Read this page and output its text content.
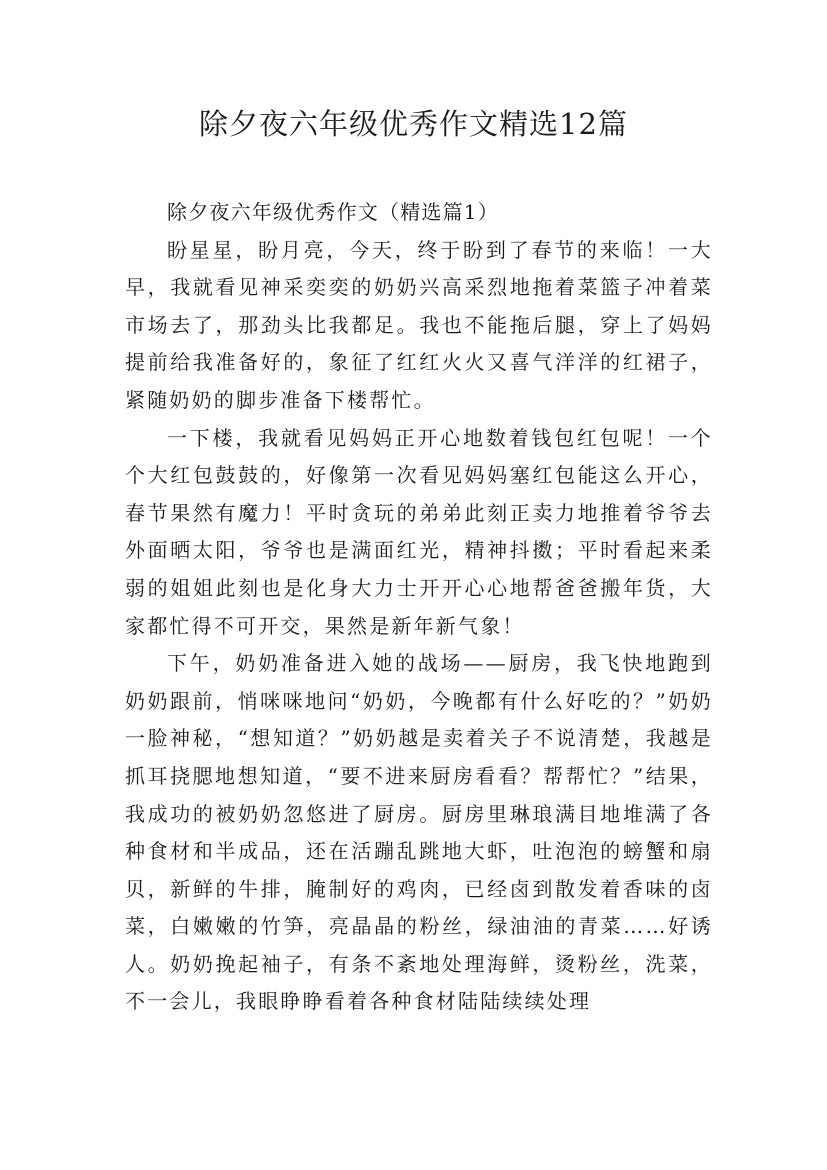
除夕夜六年级优秀作文精选12篇

除夕夜六年级优秀作文（精选篇1）

盼星星，盼月亮，今天，终于盼到了春节的来临！一大早，我就看见神采奕奕的奶奶兴高采烈地拖着菜篮子冲着菜市场去了，那劲头比我都足。我也不能拖后腿，穿上了妈妈提前给我准备好的，象征了红红火火又喜气洋洋的红裙子，紧随奶奶的脚步准备下楼帮忙。

一下楼，我就看见妈妈正开心地数着钱包红包呢！一个个大红包鼓鼓的，好像第一次看见妈妈塞红包能这么开心，春节果然有魔力！平时贪玩的弟弟此刻正卖力地推着爷爷去外面晒太阳，爷爷也是满面红光，精神抖擞；平时看起来柔弱的姐姐此刻也是化身大力士开开心心地帮爸爸搬年货，大家都忙得不可开交，果然是新年新气象！

下午，奶奶准备进入她的战场——厨房，我飞快地跑到奶奶跟前，悄咪咪地问“奶奶，今晚都有什么好吃的？”奶奶一脸神秘，“想知道？”奶奶越是卖着关子不说清楚，我越是抓耳挠腮地想知道，“要不进来厨房看看？帮帮忙？”结果，我成功的被奶奶忽悠进了厨房。厨房里琳琅满目地堆满了各种食材和半成品，还在活蹦乱跳地大虾，吐泡泡的螃蟹和扇贝，新鲜的牛排，腌制好的鸡肉，已经卤到散发着香味的卤菜，白嫩嫩的竹笋，亮晶晶的粉丝，绿油油的青菜……好诱人。奶奶挽起袖子，有条不紊地处理海鲜，烫粉丝，洗菜，不一会儿，我眼睁睁看着各种食材陆陆续续处理
